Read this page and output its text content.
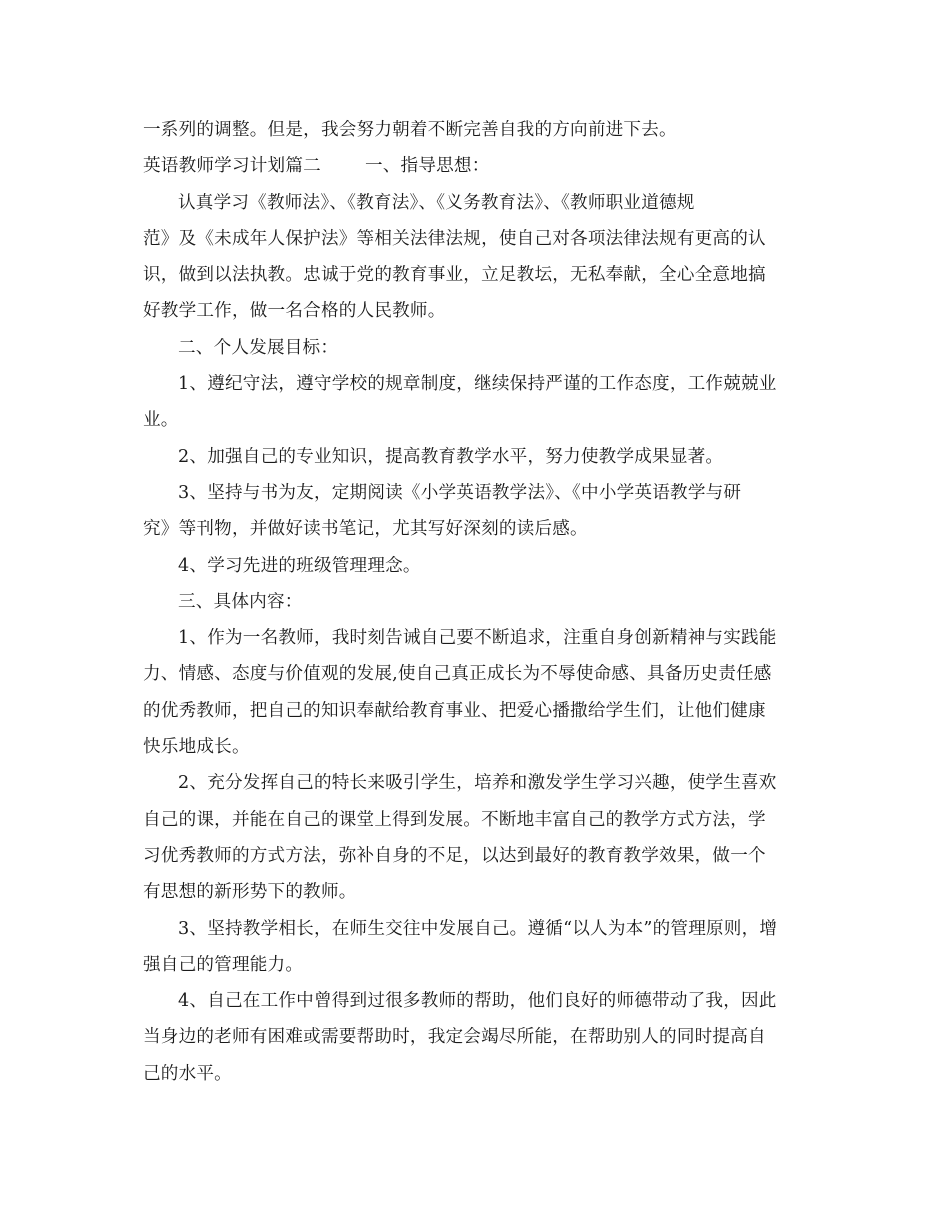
一系列的调整。但是，我会努力朝着不断完善自我的方向前进下去。
英语教师学习计划篇二	一、指导思想：
认真学习《教师法》、《教育法》、《义务教育法》、《教师职业道德规
范》及《未成年人保护法》等相关法律法规，使自己对各项法律法规有更高的认
识，做到以法执教。忠诚于党的教育事业，立足教坛，无私奉献，全心全意地搞
好教学工作，做一名合格的人民教师。
二、个人发展目标：
1、遵纪守法，遵守学校的规章制度，继续保持严谨的工作态度，工作兢兢业
业。
2、加强自己的专业知识，提高教育教学水平，努力使教学成果显著。
3、坚持与书为友，定期阅读《小学英语教学法》、《中小学英语教学与研
究》等刊物，并做好读书笔记，尤其写好深刻的读后感。
4、学习先进的班级管理理念。
三、具体内容：
1、作为一名教师，我时刻告诫自己要不断追求，注重自身创新精神与实践能
力、情感、态度与价值观的发展,使自己真正成长为不辱使命感、具备历史责任感
的优秀教师，把自己的知识奉献给教育事业、把爱心播撒给学生们，让他们健康
快乐地成长。
2、充分发挥自己的特长来吸引学生，培养和激发学生学习兴趣，使学生喜欢
自己的课，并能在自己的课堂上得到发展。不断地丰富自己的教学方式方法，学
习优秀教师的方式方法，弥补自身的不足，以达到最好的教育教学效果，做一个
有思想的新形势下的教师。
3、坚持教学相长，在师生交往中发展自己。遵循“以人为本”的管理原则，增
强自己的管理能力。
4、自己在工作中曾得到过很多教师的帮助，他们良好的师德带动了我，因此
当身边的老师有困难或需要帮助时，我定会竭尽所能，在帮助别人的同时提高自
己的水平。
